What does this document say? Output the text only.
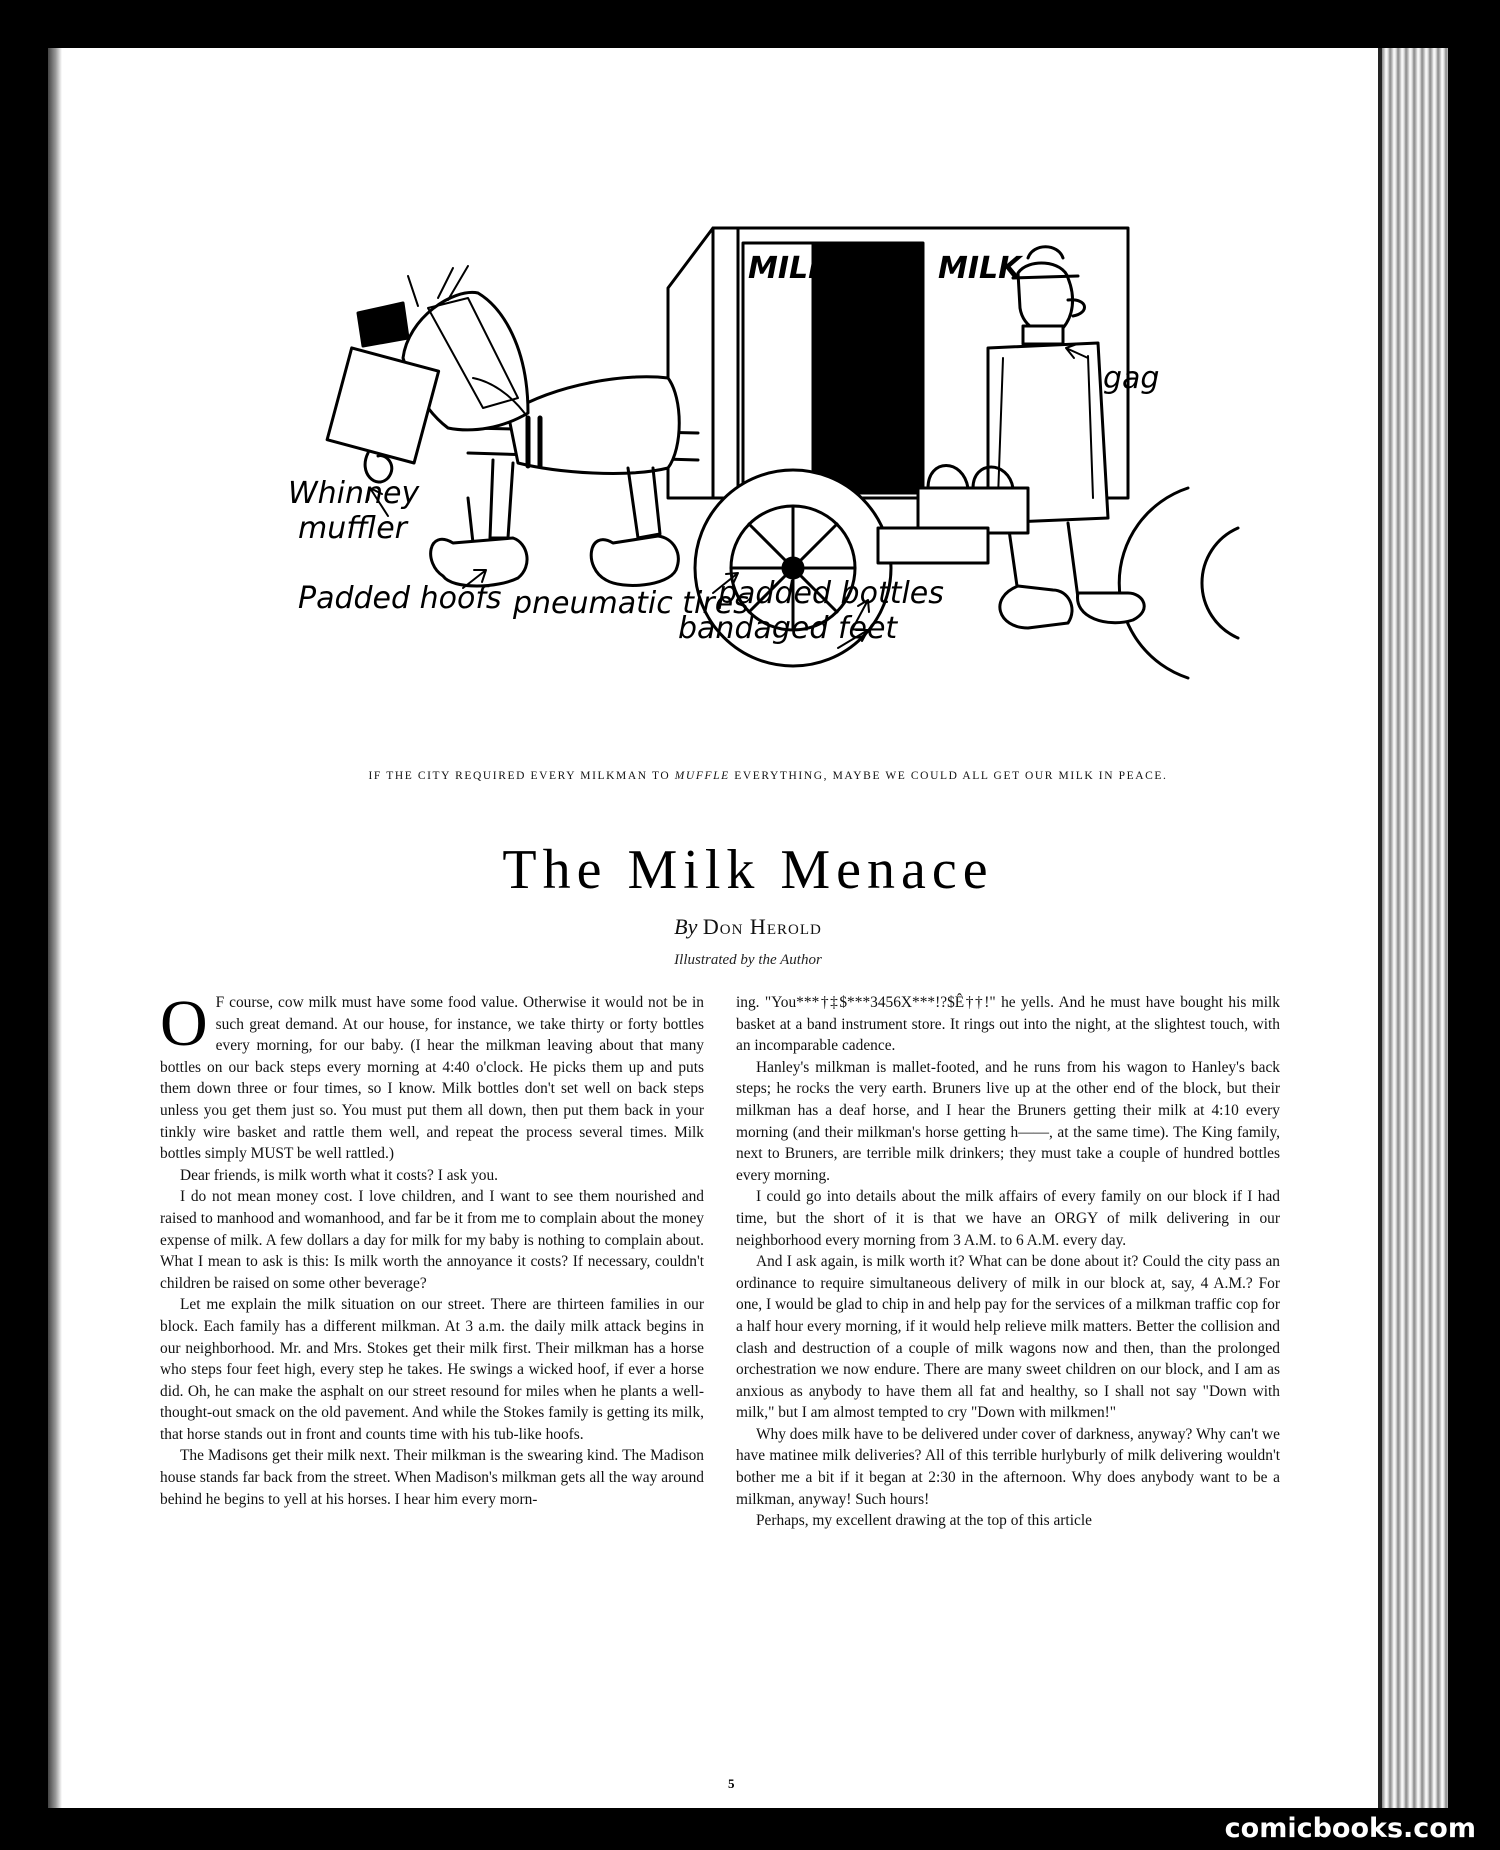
MILK	MILK
gag
Whinney
muffler
Padded hoofs pneumatic tires
padded bottles
bandaged feet
IF THE CITY REQUIRED EVERY MILKMAN TO MUFFLE EVERYTHING, MAYBE WE COULD ALL GET OUR MILK IN PEACE.
The Milk Menace
By Don Herold
Illustrated by the Author

O F course, cow milk must have some food value. Otherwise it would not be in such great demand. At our house, for instance, we take thirty or forty bottles every morning, for our baby. (I hear the milkman leaving about that many bottles on our back steps every morning at 4:40 o'clock. He picks them up and puts them down three or four times, so I know. Milk bottles don't set well on back steps unless you get them just so. You must put them all down, then put them back in your tinkly wire basket and rattle them well, and repeat the process several times. Milk bottles simply MUST be well rattled.)

Dear friends, is milk worth what it costs? I ask you.

I do not mean money cost. I love children, and I want to see them nourished and raised to manhood and womanhood, and far be it from me to complain about the money expense of milk. A few dollars a day for milk for my baby is nothing to complain about. What I mean to ask is this: Is milk worth the annoyance it costs? If necessary, couldn't children be raised on some other beverage?

Let me explain the milk situation on our street. There are thirteen families in our block. Each family has a different milkman. At 3 a.m. the daily milk attack begins in our neighborhood. Mr. and Mrs. Stokes get their milk first. Their milkman has a horse who steps four feet high, every step he takes. He swings a wicked hoof, if ever a horse did. Oh, he can make the asphalt on our street resound for miles when he plants a well-thought-out smack on the old pavement. And while the Stokes family is getting its milk, that horse stands out in front and counts time with his tub-like hoofs.

The Madisons get their milk next. Their milkman is the swearing kind. The Madison house stands far back from the street. When Madison's milkman gets all the way around behind he begins to yell at his horses. I hear him every morn-

ing. "You***†‡$***3456X***!?$Ê††!" he yells. And he must have bought his milk basket at a band instrument store. It rings out into the night, at the slightest touch, with an incomparable cadence.

Hanley's milkman is mallet-footed, and he runs from his wagon to Hanley's back steps; he rocks the very earth. Bruners live up at the other end of the block, but their milkman has a deaf horse, and I hear the Bruners getting their milk at 4:10 every morning (and their milkman's horse getting h——, at the same time). The King family, next to Bruners, are terrible milk drinkers; they must take a couple of hundred bottles every morning.

I could go into details about the milk affairs of every family on our block if I had time, but the short of it is that we have an ORGY of milk delivering in our neighborhood every morning from 3 A.M. to 6 A.M. every day.

And I ask again, is milk worth it? What can be done about it? Could the city pass an ordinance to require simultaneous delivery of milk in our block at, say, 4 A.M.? For one, I would be glad to chip in and help pay for the services of a milkman traffic cop for a half hour every morning, if it would help relieve milk matters. Better the collision and clash and destruction of a couple of milk wagons now and then, than the prolonged orchestration we now endure. There are many sweet children on our block, and I am as anxious as anybody to have them all fat and healthy, so I shall not say "Down with milk," but I am almost tempted to cry "Down with milkmen!"

Why does milk have to be delivered under cover of darkness, anyway? Why can't we have matinee milk deliveries? All of this terrible hurlyburly of milk delivering wouldn't bother me a bit if it began at 2:30 in the afternoon. Why does anybody want to be a milkman, anyway! Such hours!

Perhaps, my excellent drawing at the top of this article

5
comicbooks.com
